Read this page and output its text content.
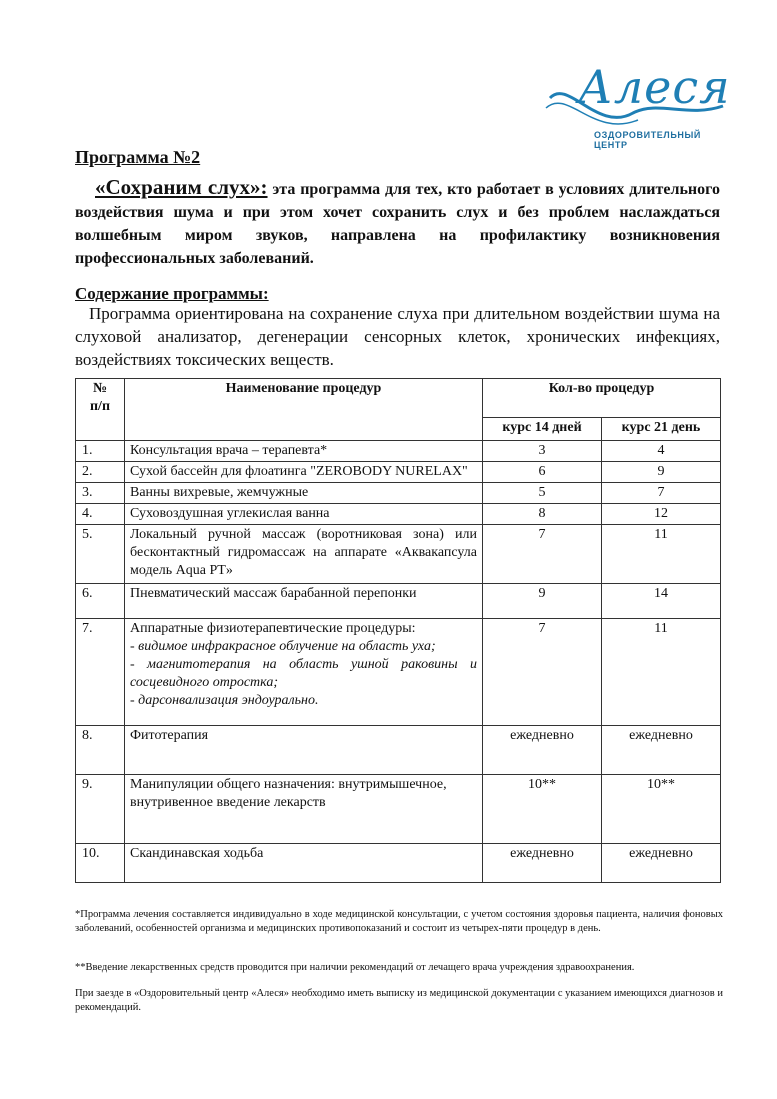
Алеся
ОЗДОРОВИТЕЛЬНЫЙ ЦЕНТР
Программа №2
«Сохраним слух»: эта программа для тех, кто работает в условиях длительного воздействия шума и при этом хочет сохранить слух и без проблем наслаждаться волшебным миром звуков, направлена на профилактику возникновения профессиональных заболеваний.
Содержание программы:
Программа ориентирована на сохранение слуха при длительном воздействии шума на слуховой анализатор, дегенерации сенсорных клеток, хронических инфекциях, воздействиях токсических веществ.
№
п/п	Наименование процедур	Кол-во процедур	
		курс 14 дней	курс 21 день
1.	Консультация врача – терапевта*	3	4
2.	Сухой бассейн для флоатинга "ZEROBODY NURELAX"	6	9
3.	Ванны вихревые, жемчужные	5	7
4.	Суховоздушная углекислая ванна	8	12
5.	Локальный ручной массаж (воротниковая зона) или бесконтактный гидромассаж на аппарате «Аквакапсула модель Aqua PT»	7	11
6.	Пневматический массаж барабанной перепонки	9	14
7.	Аппаратные физиотерапевтические процедуры:
- видимое инфракрасное облучение на область уха;
- магнитотерапия на область ушной раковины и сосцевидного отростка;
- дарсонвализация эндоурально.	7	11
8.	Фитотерапия	ежедневно	ежедневно
9.	Манипуляции общего назначения: внутримышечное, внутривенное введение лекарств	10**	10**
10.	Скандинавская ходьба	ежедневно	ежедневно
*Программа лечения составляется индивидуально в ходе медицинской консультации, с учетом состояния здоровья пациента, наличия фоновых заболеваний, особенностей организма и медицинских противопоказаний и состоит из четырех-пяти процедур в день.
**Введение лекарственных средств проводится при наличии рекомендаций от лечащего врача учреждения здравоохранения.
При заезде в «Оздоровительный центр «Алеся» необходимо иметь выписку из медицинской документации с указанием имеющихся диагнозов и рекомендаций.
